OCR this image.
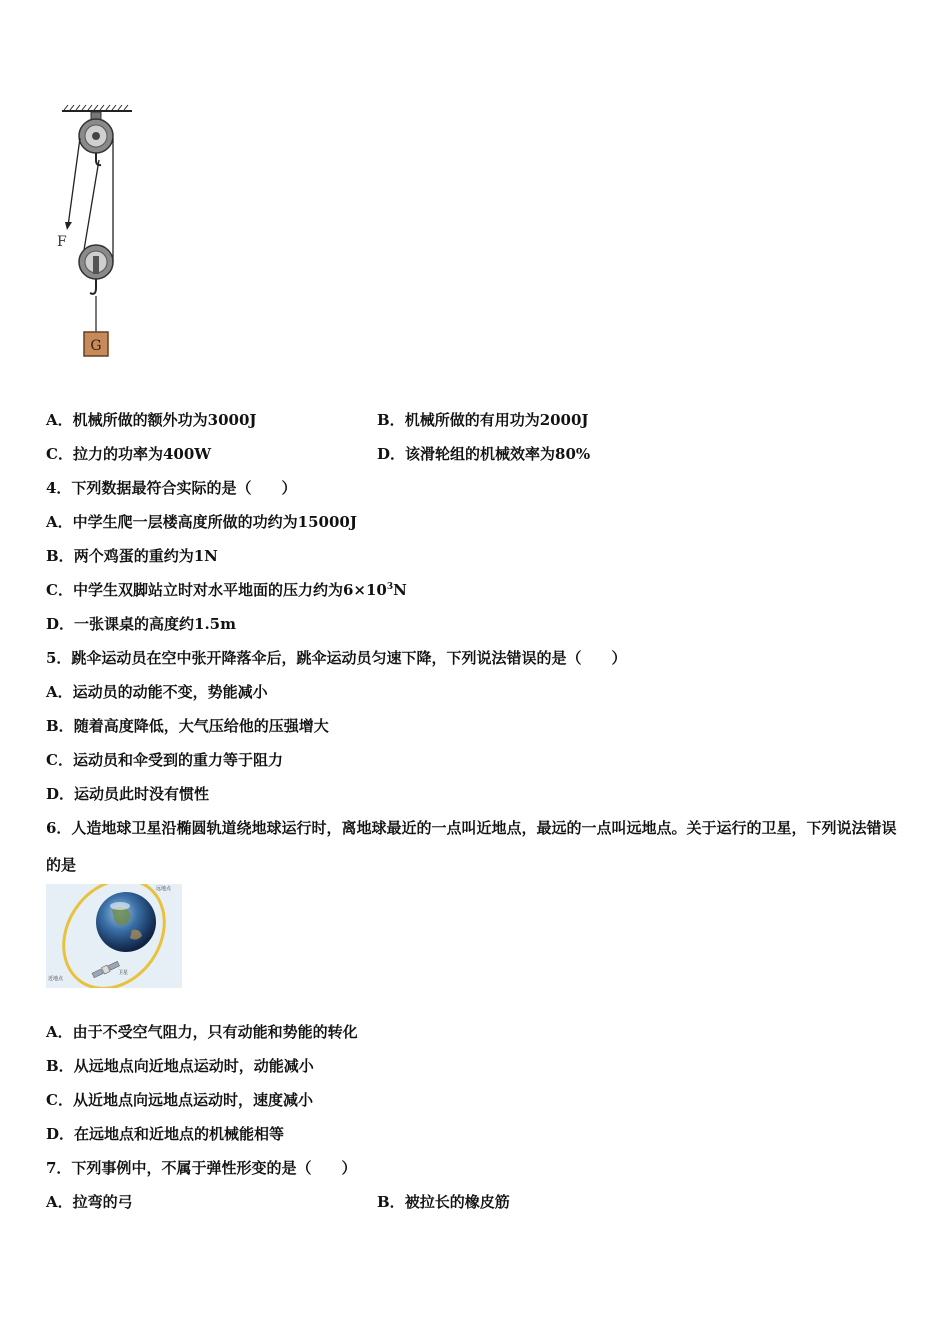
G
F
A．机械所做的额外功为3000J	B．机械所做的有用功为2000J
C．拉力的功率为400W	D．该滑轮组的机械效率为80%
4．下列数据最符合实际的是（　　）
A．中学生爬一层楼高度所做的功约为15000J
B．两个鸡蛋的重约为1N
C．中学生双脚站立时对水平地面的压力约为$6\times 10^3N$
D．一张课桌的高度约1.5m
5．跳伞运动员在空中张开降落伞后，跳伞运动员匀速下降，下列说法错误的是（　　）
A．运动员的动能不变，势能减小
B．随着高度降低，大气压给他的压强增大
C．运动员和伞受到的重力等于阻力
D．运动员此时没有惯性
6．人造地球卫星沿椭圆轨道绕地球运行时，离地球最近的一点叫近地点，最远的一点叫远地点。关于运行的卫星，下列说法错误的是
远地点
近地点
卫星
A．由于不受空气阻力，只有动能和势能的转化
B．从远地点向近地点运动时，动能减小
C．从近地点向远地点运动时，速度减小
D．在远地点和近地点的机械能相等
7．下列事例中，不属于弹性形变的是（　　）
A．拉弯的弓	B．被拉长的橡皮筋
